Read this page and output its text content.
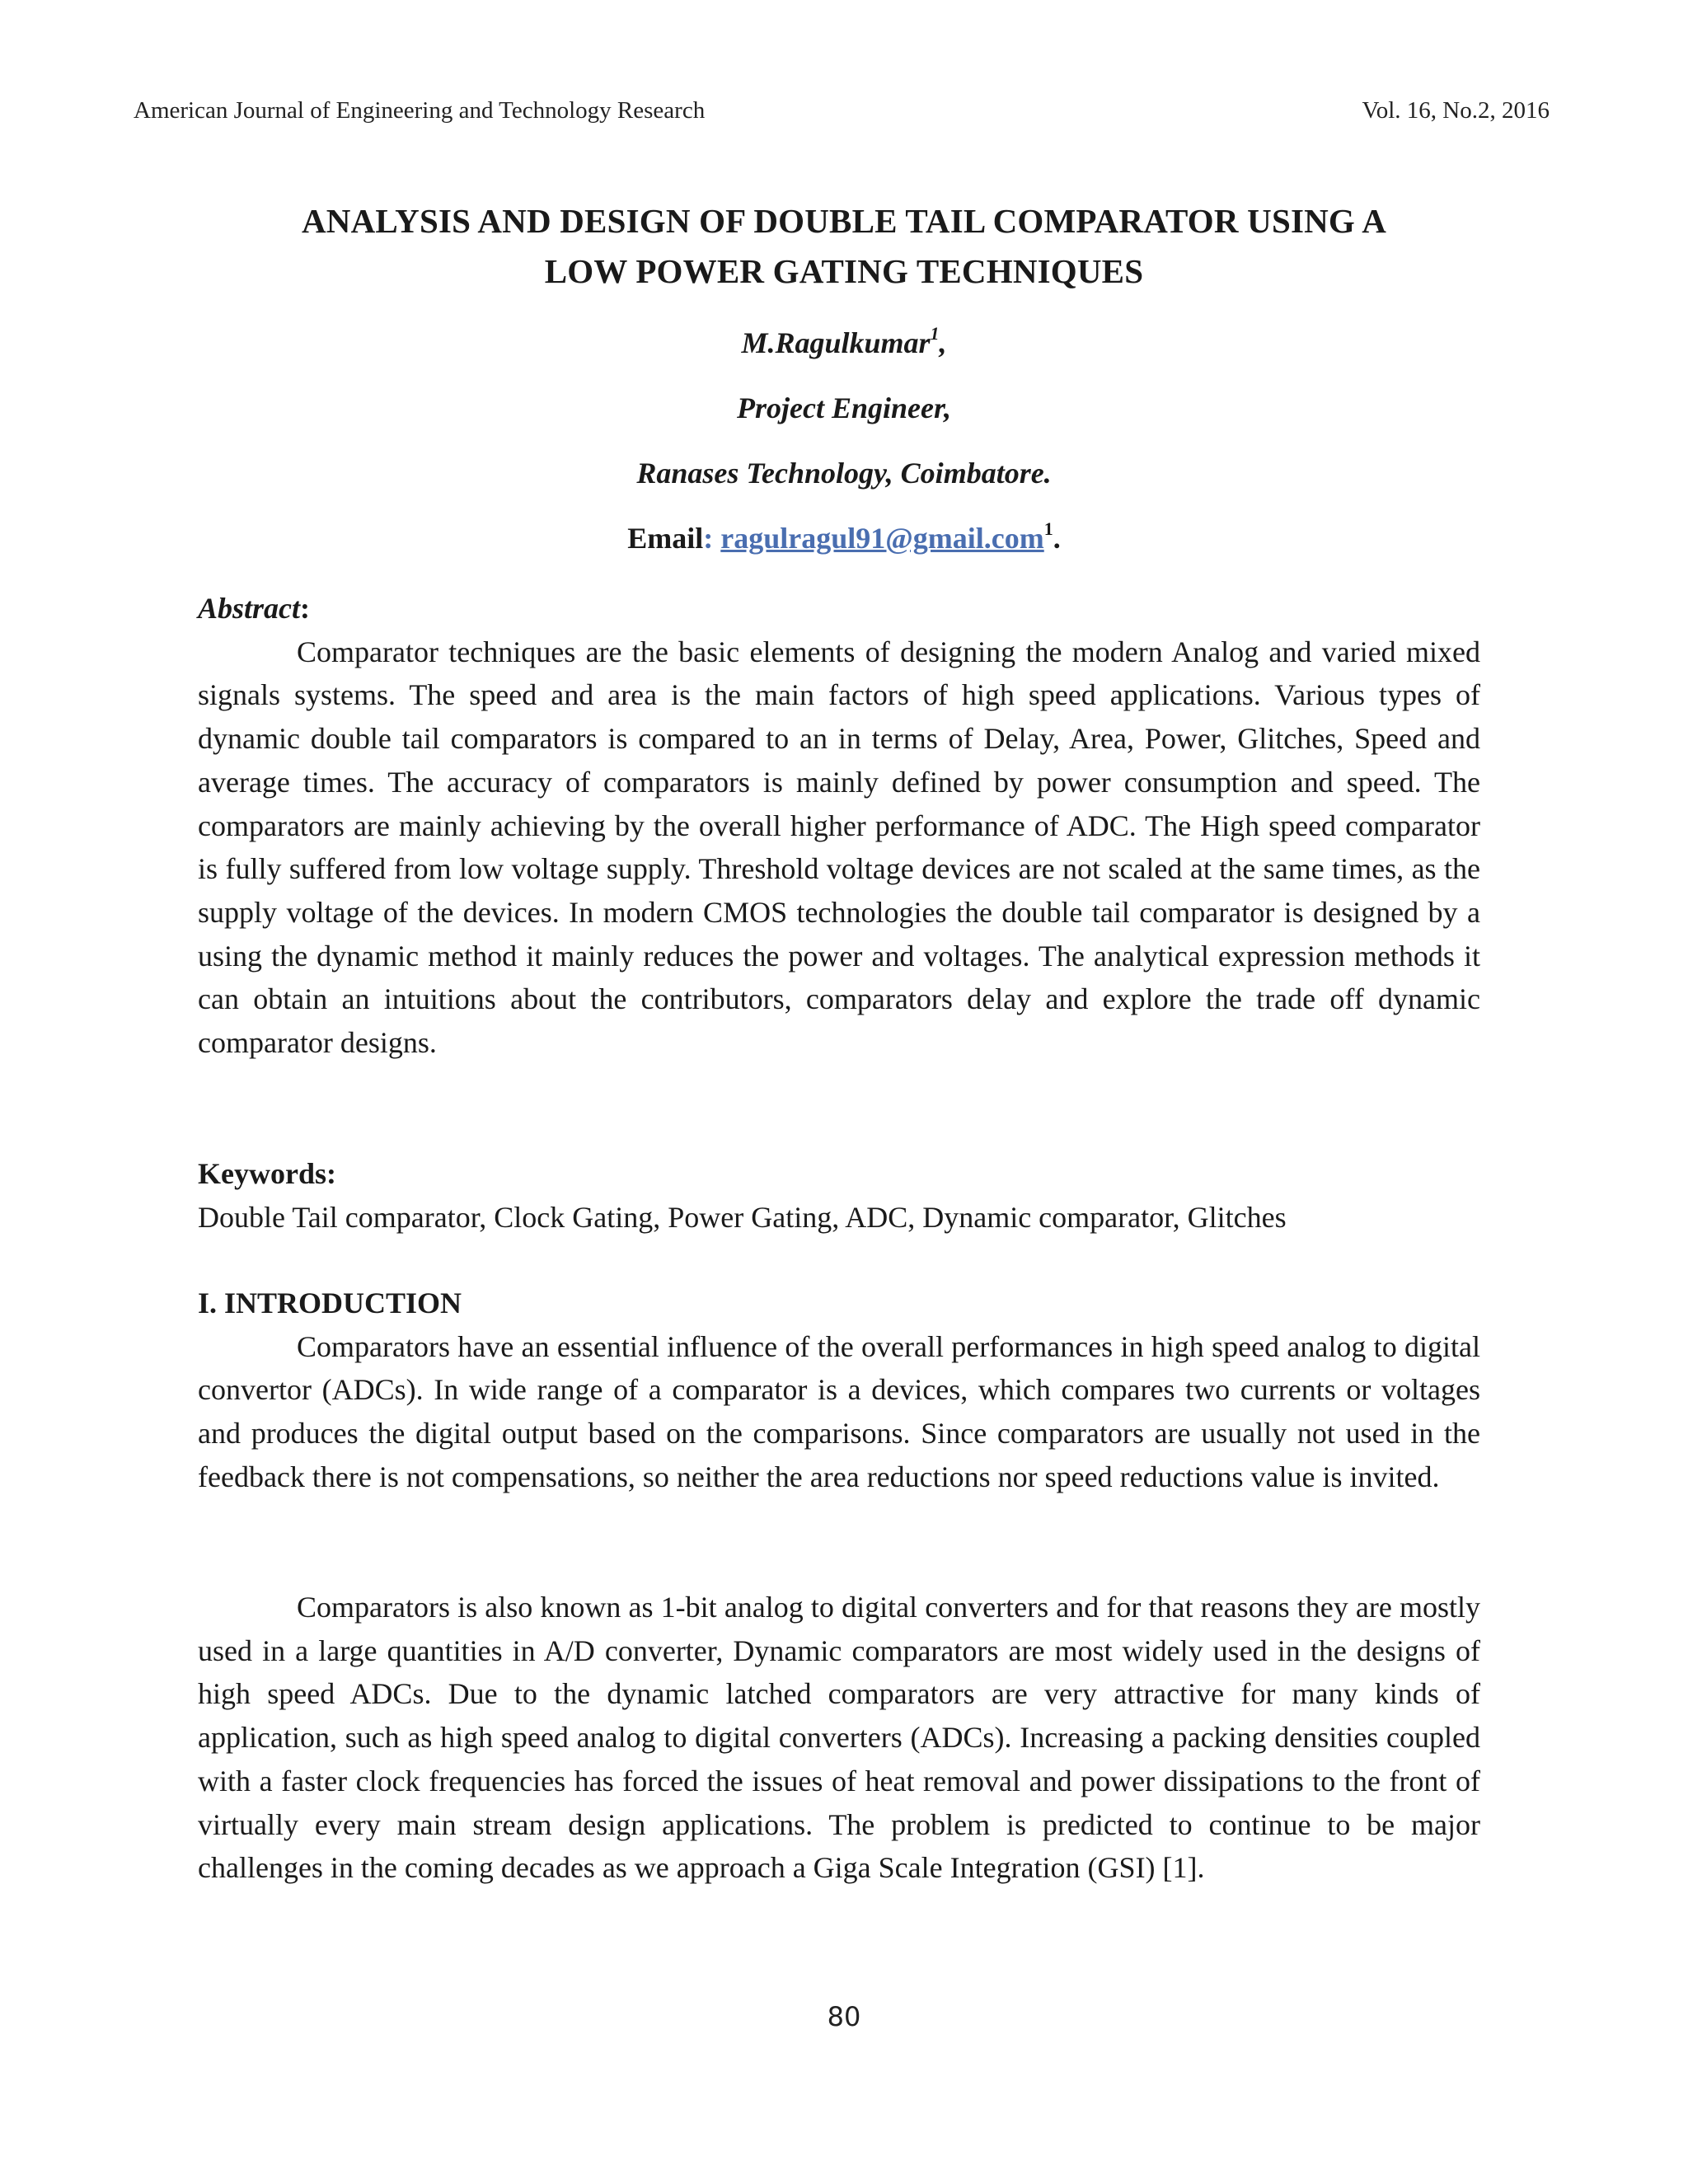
American Journal of Engineering and Technology Research	Vol. 16, No.2, 2016
ANALYSIS AND DESIGN OF DOUBLE TAIL COMPARATOR USING A
LOW POWER GATING TECHNIQUES
M.Ragulkumar$^1$,
Project Engineer,
Ranases Technology, Coimbatore.
Email: ragulragul91@gmail.com$^1$.

Abstract:

Comparator techniques are the basic elements of designing the modern Analog and varied mixed signals systems. The speed and area is the main factors of high speed applications. Various types of dynamic double tail comparators is compared to an in terms of Delay, Area, Power, Glitches, Speed and average times. The accuracy of comparators is mainly defined by power consumption and speed. The comparators are mainly achieving by the overall higher performance of ADC. The High speed comparator is fully suffered from low voltage supply. Threshold voltage devices are not scaled at the same times, as the supply voltage of the devices. In modern CMOS technologies the double tail comparator is designed by a using the dynamic method it mainly reduces the power and voltages. The analytical expression methods it can obtain an intuitions about the contributors, comparators delay and explore the trade off dynamic comparator designs.

Keywords:

Double Tail comparator, Clock Gating, Power Gating, ADC, Dynamic comparator, Glitches

I. INTRODUCTION

Comparators have an essential influence of the overall performances in high speed analog to digital convertor (ADCs). In wide range of a comparator is a devices, which compares two currents or voltages and produces the digital output based on the comparisons. Since comparators are usually not used in the feedback there is not compensations, so neither the area reductions nor speed reductions value is invited.

Comparators is also known as 1-bit analog to digital converters and for that reasons they are mostly used in a large quantities in A/D converter, Dynamic comparators are most widely used in the designs of high speed ADCs. Due to the dynamic latched comparators are very attractive for many kinds of application, such as high speed analog to digital converters (ADCs). Increasing a packing densities coupled with a faster clock frequencies has forced the issues of heat removal and power dissipations to the front of virtually every main stream design applications. The problem is predicted to continue to be major challenges in the coming decades as we approach a Giga Scale Integration (GSI) [1].

80
